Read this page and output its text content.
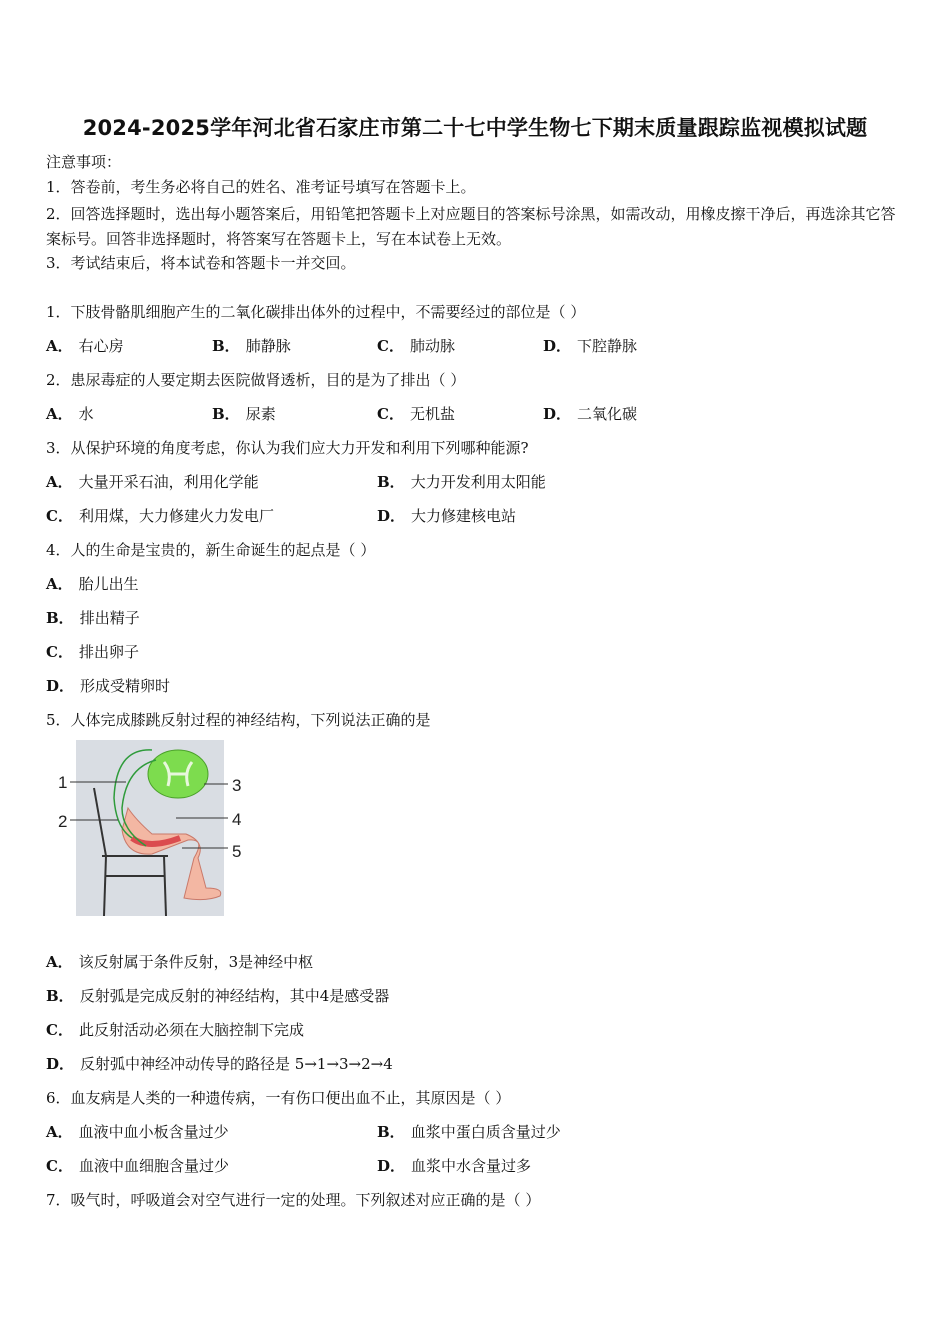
2024-2025学年河北省石家庄市第二十七中学生物七下期末质量跟踪监视模拟试题
注意事项：
1．答卷前，考生务必将自己的姓名、准考证号填写在答题卡上。
2．回答选择题时，选出每小题答案后，用铅笔把答题卡上对应题目的答案标号涂黑，如需改动，用橡皮擦干净后，再选涂其它答案标号。回答非选择题时，将答案写在答题卡上，写在本试卷上无效。
3．考试结束后，将本试卷和答题卡一并交回。
1．下肢骨骼肌细胞产生的二氧化碳排出体外的过程中，不需要经过的部位是（ ）
A． 右心房	B． 肺静脉	C． 肺动脉	D． 下腔静脉
2．患尿毒症的人要定期去医院做肾透析，目的是为了排出（ ）
A． 水	B． 尿素	C． 无机盐	D． 二氧化碳
3．从保护环境的角度考虑，你认为我们应大力开发和利用下列哪种能源?
A． 大量开采石油，利用化学能	B． 大力开发利用太阳能
C． 利用煤，大力修建火力发电厂	D． 大力修建核电站
4．人的生命是宝贵的，新生命诞生的起点是（ ）
A． 胎儿出生
B． 排出精子
C． 排出卵子
D． 形成受精卵时
5．人体完成膝跳反射过程的神经结构，下列说法正确的是
1
2
3
4
5
A． 该反射属于条件反射，3是神经中枢
B． 反射弧是完成反射的神经结构，其中4是感受器
C． 此反射活动必须在大脑控制下完成
D． 反射弧中神经冲动传导的路径是 5→1→3→2→4
6．血友病是人类的一种遗传病，一有伤口便出血不止，其原因是（ ）
A． 血液中血小板含量过少	B． 血浆中蛋白质含量过少
C． 血液中血细胞含量过少	D． 血浆中水含量过多
7．吸气时，呼吸道会对空气进行一定的处理。下列叙述对应正确的是（ ）
